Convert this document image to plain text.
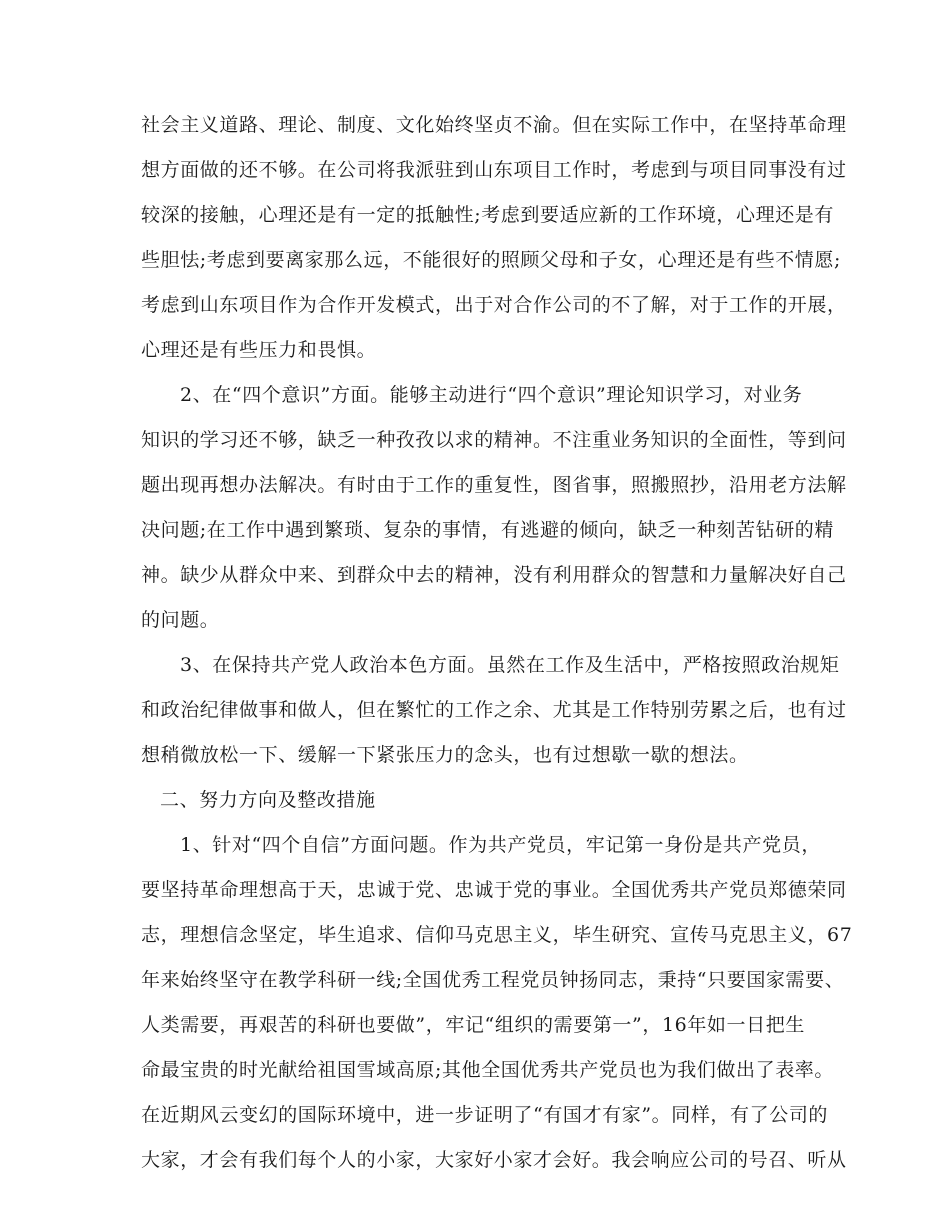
社会主义道路、理论、制度、文化始终坚贞不渝。但在实际工作中，在坚持革命理
想方面做的还不够。在公司将我派驻到山东项目工作时，考虑到与项目同事没有过
较深的接触，心理还是有一定的抵触性;考虑到要适应新的工作环境，心理还是有
些胆怯;考虑到要离家那么远，不能很好的照顾父母和子女，心理还是有些不情愿;
考虑到山东项目作为合作开发模式，出于对合作公司的不了解，对于工作的开展，
心理还是有些压力和畏惧。
2、在“四个意识”方面。能够主动进行“四个意识”理论知识学习，对业务
知识的学习还不够，缺乏一种孜孜以求的精神。不注重业务知识的全面性，等到问
题出现再想办法解决。有时由于工作的重复性，图省事，照搬照抄，沿用老方法解
决问题;在工作中遇到繁琐、复杂的事情，有逃避的倾向，缺乏一种刻苦钻研的精
神。缺少从群众中来、到群众中去的精神，没有利用群众的智慧和力量解决好自己
的问题。
3、在保持共产党人政治本色方面。虽然在工作及生活中，严格按照政治规矩
和政治纪律做事和做人，但在繁忙的工作之余、尤其是工作特别劳累之后，也有过
想稍微放松一下、缓解一下紧张压力的念头，也有过想歇一歇的想法。
二、努力方向及整改措施
1、针对“四个自信”方面问题。作为共产党员，牢记第一身份是共产党员，
要坚持革命理想高于天，忠诚于党、忠诚于党的事业。全国优秀共产党员郑德荣同
志，理想信念坚定，毕生追求、信仰马克思主义，毕生研究、宣传马克思主义，67
年来始终坚守在教学科研一线;全国优秀工程党员钟扬同志，秉持“只要国家需要、
人类需要，再艰苦的科研也要做”，牢记“组织的需要第一”，16年如一日把生
命最宝贵的时光献给祖国雪域高原;其他全国优秀共产党员也为我们做出了表率。
在近期风云变幻的国际环境中，进一步证明了“有国才有家”。同样，有了公司的
大家，才会有我们每个人的小家，大家好小家才会好。我会响应公司的号召、听从
